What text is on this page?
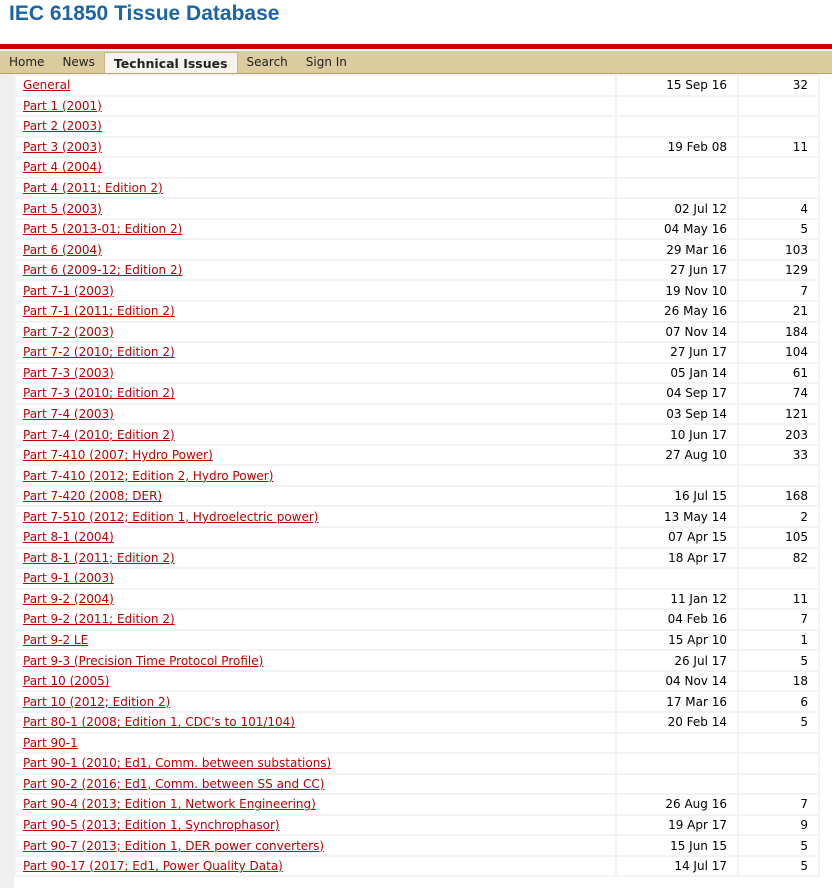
IEC 61850 Tissue Database
Home	News	Technical Issues	Search	Sign In
General	15 Sep 16	32
Part 1 (2001)		
Part 2 (2003)		
Part 3 (2003)	19 Feb 08	11
Part 4 (2004)		
Part 4 (2011; Edition 2)		
Part 5 (2003)	02 Jul 12	4
Part 5 (2013-01; Edition 2)	04 May 16	5
Part 6 (2004)	29 Mar 16	103
Part 6 (2009-12; Edition 2)	27 Jun 17	129
Part 7-1 (2003)	19 Nov 10	7
Part 7-1 (2011; Edition 2)	26 May 16	21
Part 7-2 (2003)	07 Nov 14	184
Part 7-2 (2010; Edition 2)	27 Jun 17	104
Part 7-3 (2003)	05 Jan 14	61
Part 7-3 (2010; Edition 2)	04 Sep 17	74
Part 7-4 (2003)	03 Sep 14	121
Part 7-4 (2010; Edition 2)	10 Jun 17	203
Part 7-410 (2007; Hydro Power)	27 Aug 10	33
Part 7-410 (2012; Edition 2, Hydro Power)		
Part 7-420 (2008; DER)	16 Jul 15	168
Part 7-510 (2012; Edition 1, Hydroelectric power)	13 May 14	2
Part 8-1 (2004)	07 Apr 15	105
Part 8-1 (2011; Edition 2)	18 Apr 17	82
Part 9-1 (2003)		
Part 9-2 (2004)	11 Jan 12	11
Part 9-2 (2011; Edition 2)	04 Feb 16	7
Part 9-2 LE	15 Apr 10	1
Part 9-3 (Precision Time Protocol Profile)	26 Jul 17	5
Part 10 (2005)	04 Nov 14	18
Part 10 (2012; Edition 2)	17 Mar 16	6
Part 80-1 (2008; Edition 1, CDC's to 101/104)	20 Feb 14	5
Part 90-1		
Part 90-1 (2010; Ed1, Comm. between substations)		
Part 90-2 (2016; Ed1, Comm. between SS and CC)		
Part 90-4 (2013; Edition 1, Network Engineering)	26 Aug 16	7
Part 90-5 (2013; Edition 1, Synchrophasor)	19 Apr 17	9
Part 90-7 (2013; Edition 1, DER power converters)	15 Jun 15	5
Part 90-17 (2017; Ed1, Power Quality Data)	14 Jul 17	5
